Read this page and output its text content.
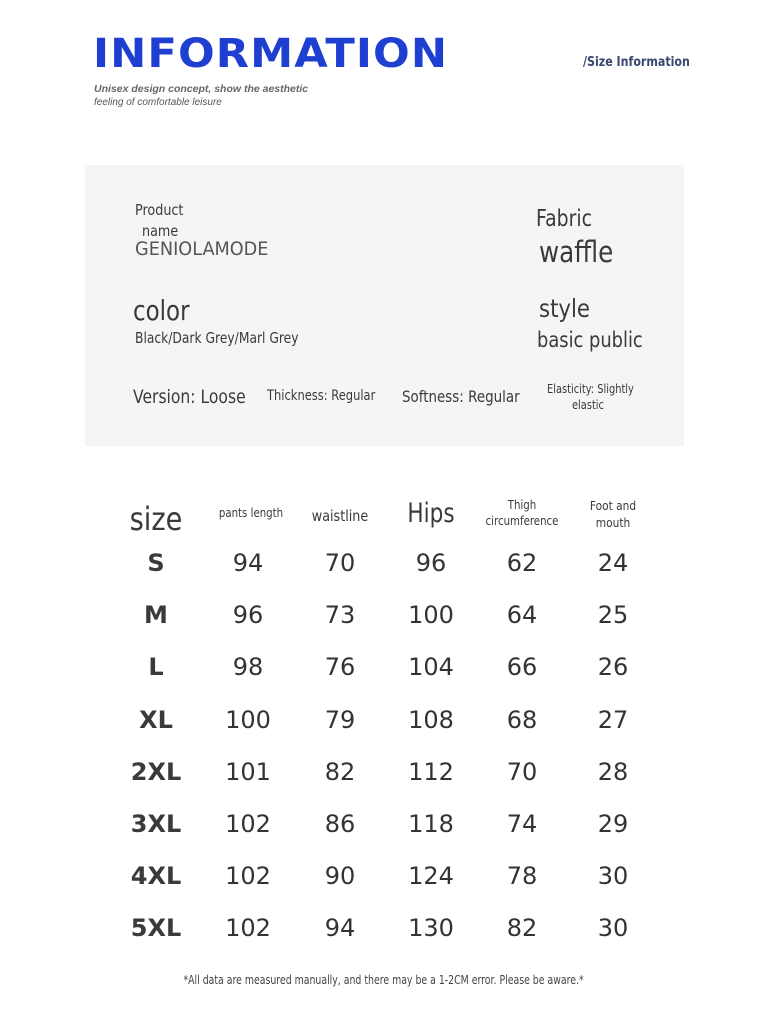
INFORMATION
Unisex design concept, show the aesthetic
feeling of comfortable leisure
/Size Information
Product
name
GENIOLAMODE
Fabric
waffle
color
Black/Dark Grey/Marl Grey
style
basic public
Version: Loose Thickness: Regular Softness: Regular Elasticity: Slightly
elastic
size	pants length	waistline	Hips	Thigh
circumference
Foot and
mouth
S	94	70	96	62	24
M	96	73	100	64	25
L	98	76	104	66	26
XL	100	79	108	68	27
2XL	101	82	112	70	28
3XL	102	86	118	74	29
4XL	102	90	124	78	30
5XL	102	94	130	82	30
*All data are measured manually, and there may be a 1-2CM error. Please be aware.*
